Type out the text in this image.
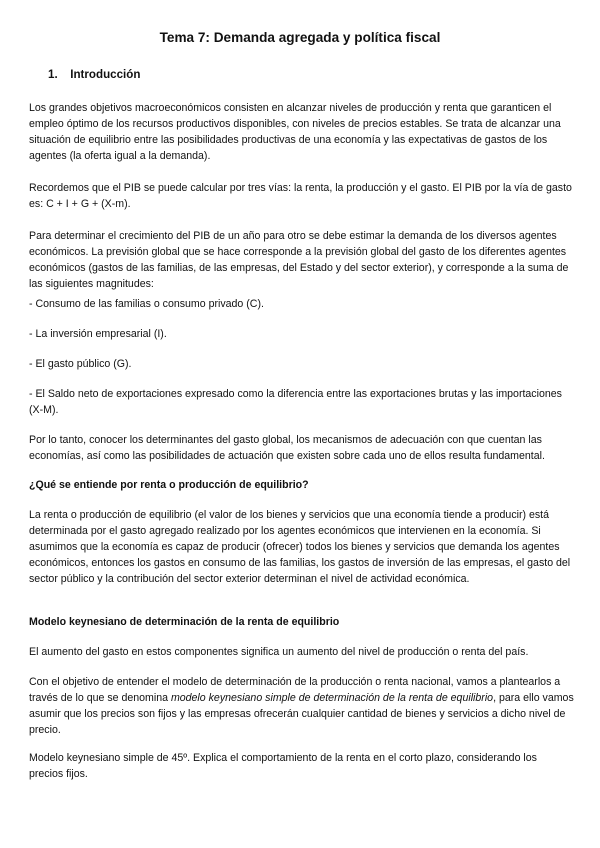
Tema 7: Demanda agregada y política fiscal
1. Introducción

Los grandes objetivos macroeconómicos consisten en alcanzar niveles de producción y renta que garanticen el empleo óptimo de los recursos productivos disponibles, con niveles de precios estables. Se trata de alcanzar una situación de equilibrio entre las posibilidades productivas de una economía y las expectativas de gastos de los agentes (la oferta igual a la demanda).

Recordemos que el PIB se puede calcular por tres vías: la renta, la producción y el gasto. El PIB por la vía de gasto es: C + I + G + (X-m).

Para determinar el crecimiento del PIB de un año para otro se debe estimar la demanda de los diversos agentes económicos. La previsión global que se hace corresponde a la previsión global del gasto de los diferentes agentes económicos (gastos de las familias, de las empresas, del Estado y del sector exterior), y corresponde a la suma de las siguientes magnitudes:

- Consumo de las familias o consumo privado (C).

- La inversión empresarial (I).

- El gasto público (G).

- El Saldo neto de exportaciones expresado como la diferencia entre las exportaciones brutas y las importaciones (X-M).

Por lo tanto, conocer los determinantes del gasto global, los mecanismos de adecuación con que cuentan las economías, así como las posibilidades de actuación que existen sobre cada uno de ellos resulta fundamental.

¿Qué se entiende por renta o producción de equilibrio?

La renta o producción de equilibrio (el valor de los bienes y servicios que una economía tiende a producir) está determinada por el gasto agregado realizado por los agentes económicos que intervienen en la economía. Si asumimos que la economía es capaz de producir (ofrecer) todos los bienes y servicios que demanda los agentes económicos, entonces los gastos en consumo de las familias, los gastos de inversión de las empresas, el gasto del sector público y la contribución del sector exterior determinan el nivel de actividad económica.

Modelo keynesiano de determinación de la renta de equilibrio

El aumento del gasto en estos componentes significa un aumento del nivel de producción o renta del país.

Con el objetivo de entender el modelo de determinación de la producción o renta nacional, vamos a plantearlos a través de lo que se denomina modelo keynesiano simple de determinación de la renta de equilibrio, para ello vamos asumir que los precios son fijos y las empresas ofrecerán cualquier cantidad de bienes y servicios a dicho nivel de precio.

Modelo keynesiano simple de 45º. Explica el comportamiento de la renta en el corto plazo, considerando los precios fijos.
